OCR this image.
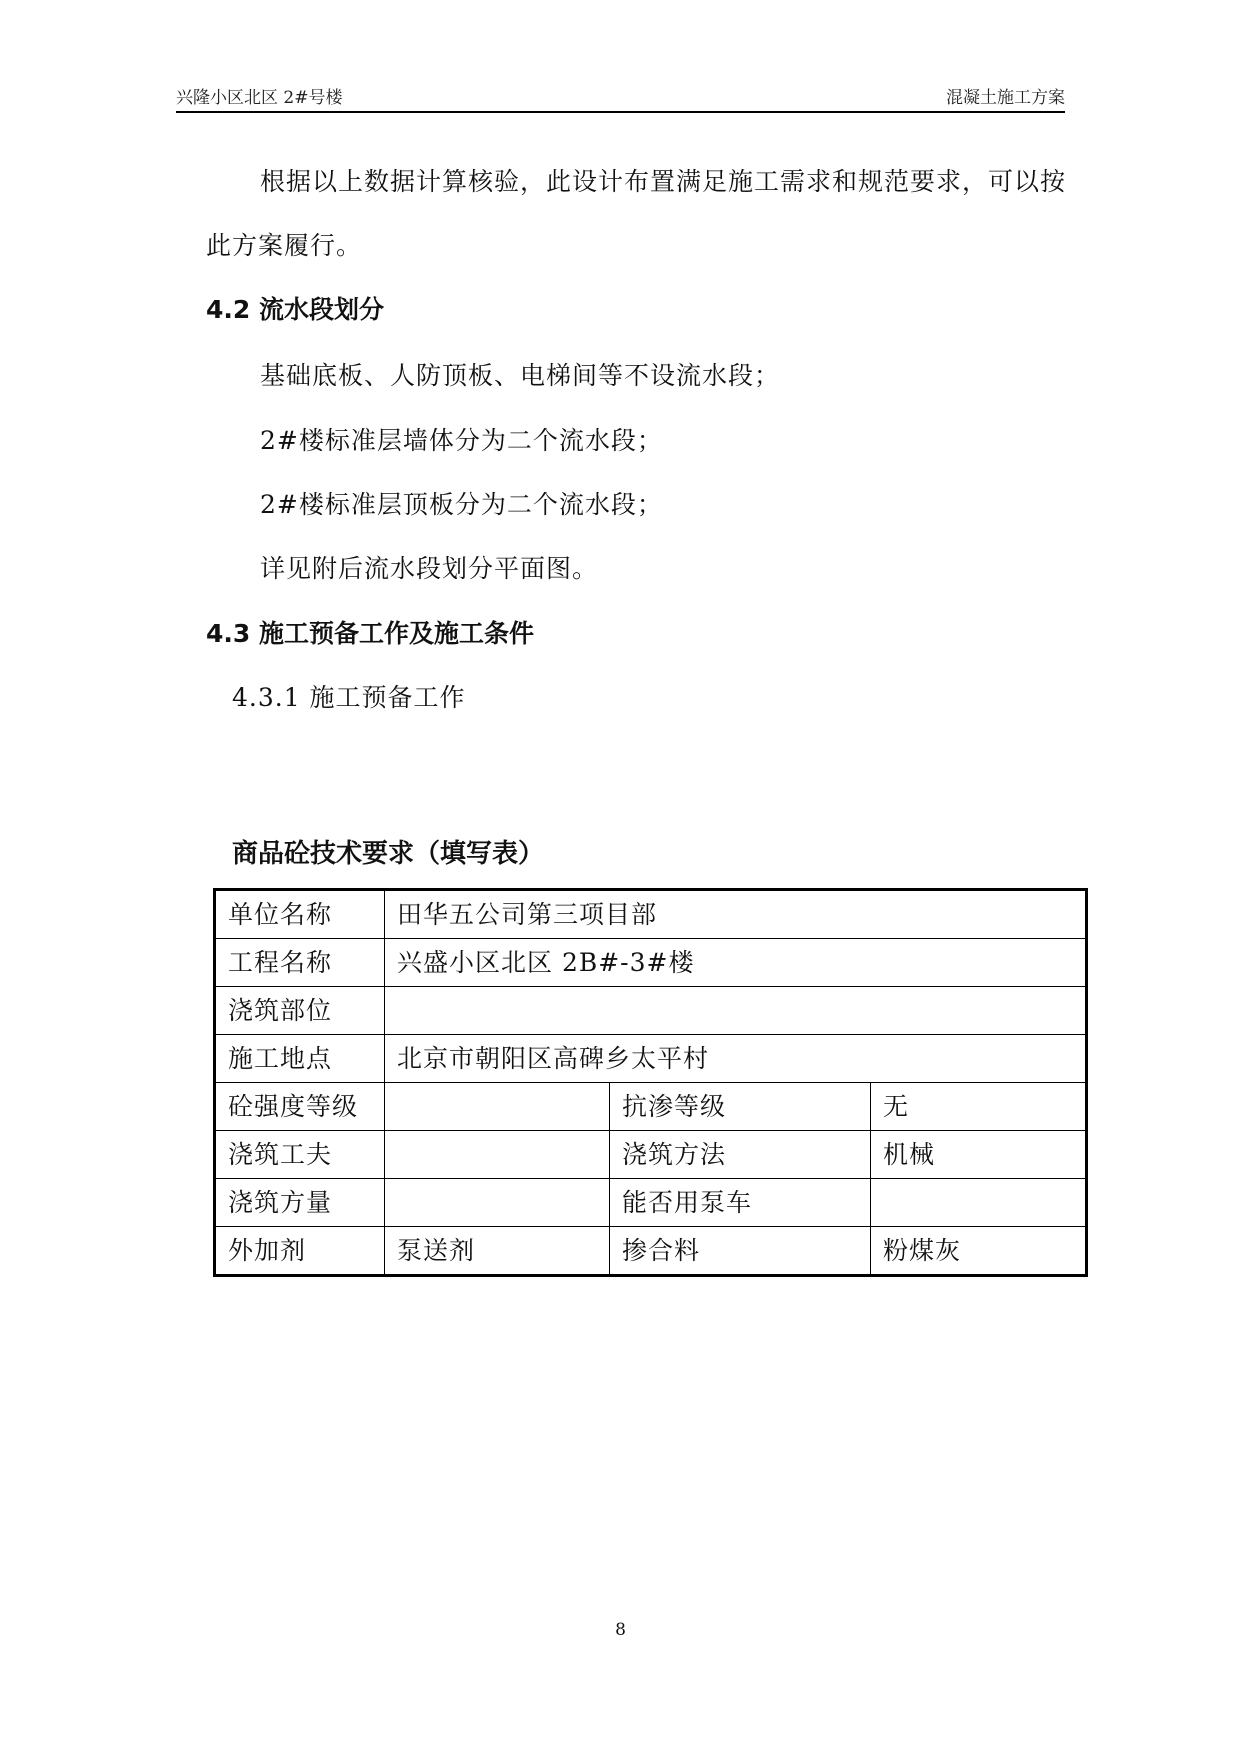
兴隆小区北区 2#号楼	混凝土施工方案

根据以上数据计算核验，此设计布置满足施工需求和规范要求，可以按此方案履行。

4.2 流水段划分

基础底板、人防顶板、电梯间等不设流水段；

2#楼标准层墙体分为二个流水段；

2#楼标准层顶板分为二个流水段；

详见附后流水段划分平面图。

4.3 施工预备工作及施工条件

4.3.1 施工预备工作

商品砼技术要求（填写表）

单位名称	田华五公司第三项目部		
工程名称	兴盛小区北区 2B#-3#楼		
浇筑部位			
施工地点	北京市朝阳区高碑乡太平村		
砼强度等级		抗渗等级	无
浇筑工夫		浇筑方法	机械
浇筑方量		能否用泵车	
外加剂	泵送剂	掺合料	粉煤灰
8
